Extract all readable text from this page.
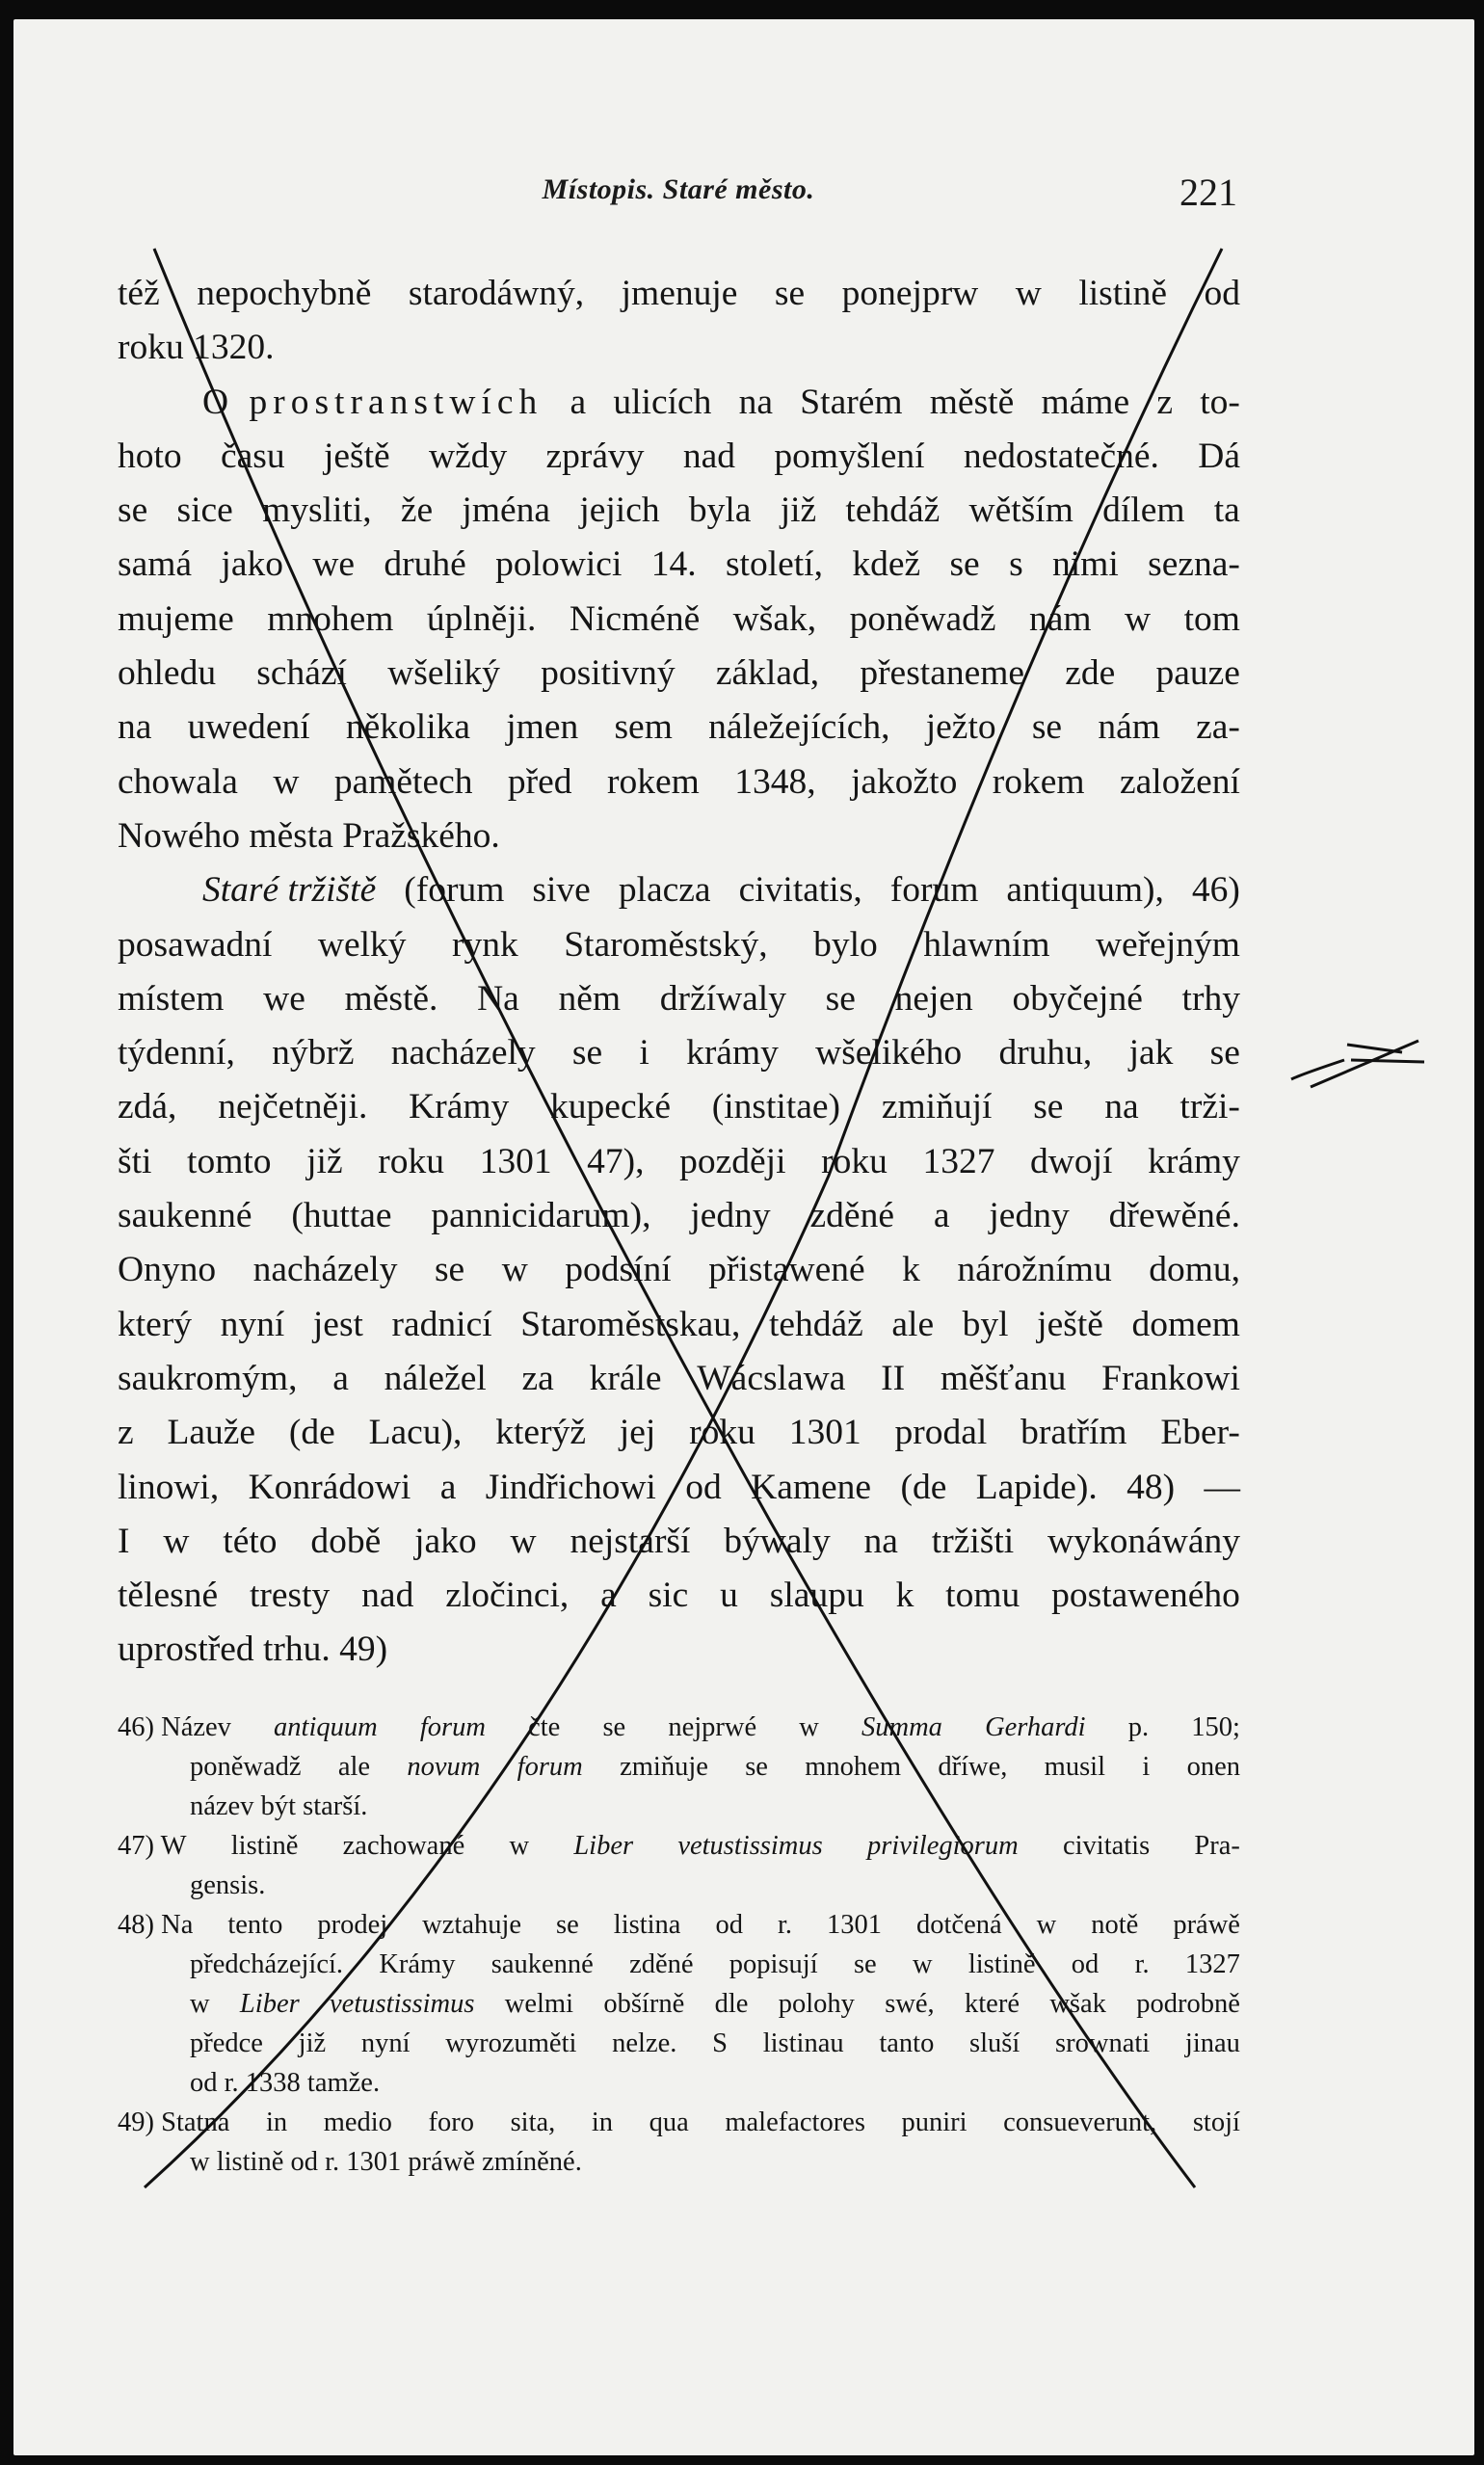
Místopis. Staré město.	221
též nepochybně starodáwný, jmenuje se ponejprw w listině od
roku 1320.
O prostranstwích a ulicích na Starém městě máme z to-
hoto času ještě wždy zprávy nad pomyšlení nedostatečné. Dá
se sice mysliti, že jména jejich byla již tehdáž wětším dílem ta
samá jako we druhé polowici 14. století, kdež se s nimi sezna-
mujeme mnohem úplněji. Nicméně wšak, poněwadž nám w tom
ohledu schází wšeliký positivný základ, přestaneme zde pauze
na uwedení několika jmen sem náležejících, ježto se nám za-
chowala w pamětech před rokem 1348, jakožto rokem založení
Nowého města Pražského.
Staré tržiště (forum sive placza civitatis, forum antiquum), 46)
posawadní welký rynk Staroměstský, bylo hlawním weřejným
místem we městě. Na něm držíwaly se nejen obyčejné trhy
týdenní, nýbrž nacházely se i krámy wšelikého druhu, jak se
zdá, nejčetněji. Krámy kupecké (institae) zmiňují se na trži-
šti tomto již roku 1301 47), později roku 1327 dwojí krámy
saukenné (huttae pannicidarum), jedny zděné a jedny dřewěné.
Onyno nacházely se w podsíní přistawené k nárožnímu domu,
který nyní jest radnicí Staroměstskau, tehdáž ale byl ještě domem
saukromým, a náležel za krále Wácslawa II měšťanu Frankowi
z Lauže (de Lacu), kterýž jej roku 1301 prodal bratřím Eber-
linowi, Konrádowi a Jindřichowi od Kamene (de Lapide). 48) —
I w této době jako w nejstarší býwaly na tržišti wykonáwány
tělesné tresty nad zločinci, a sic u slaupu k tomu postaweného
uprostřed trhu. 49)
46) Název antiquum forum čte se nejprwé w Summa Gerhardi p. 150;
poněwadž ale novum forum zmiňuje se mnohem dříwe, musil i onen
název být starší.
47) W listině zachowané w Liber vetustissimus privilegiorum civitatis Pra-
gensis.
48) Na tento prodej wztahuje se listina od r. 1301 dotčená w notě práwě
předcházející. Krámy saukenné zděné popisují se w listině od r. 1327
w Liber vetustissimus welmi obšírně dle polohy swé, které wšak podrobně
předce již nyní wyrozuměti nelze. S listinau tanto sluší srownati jinau
od r. 1338 tamže.
49) Statna in medio foro sita, in qua malefactores puniri consueverunt, stojí
w listině od r. 1301 práwě zmíněné.
